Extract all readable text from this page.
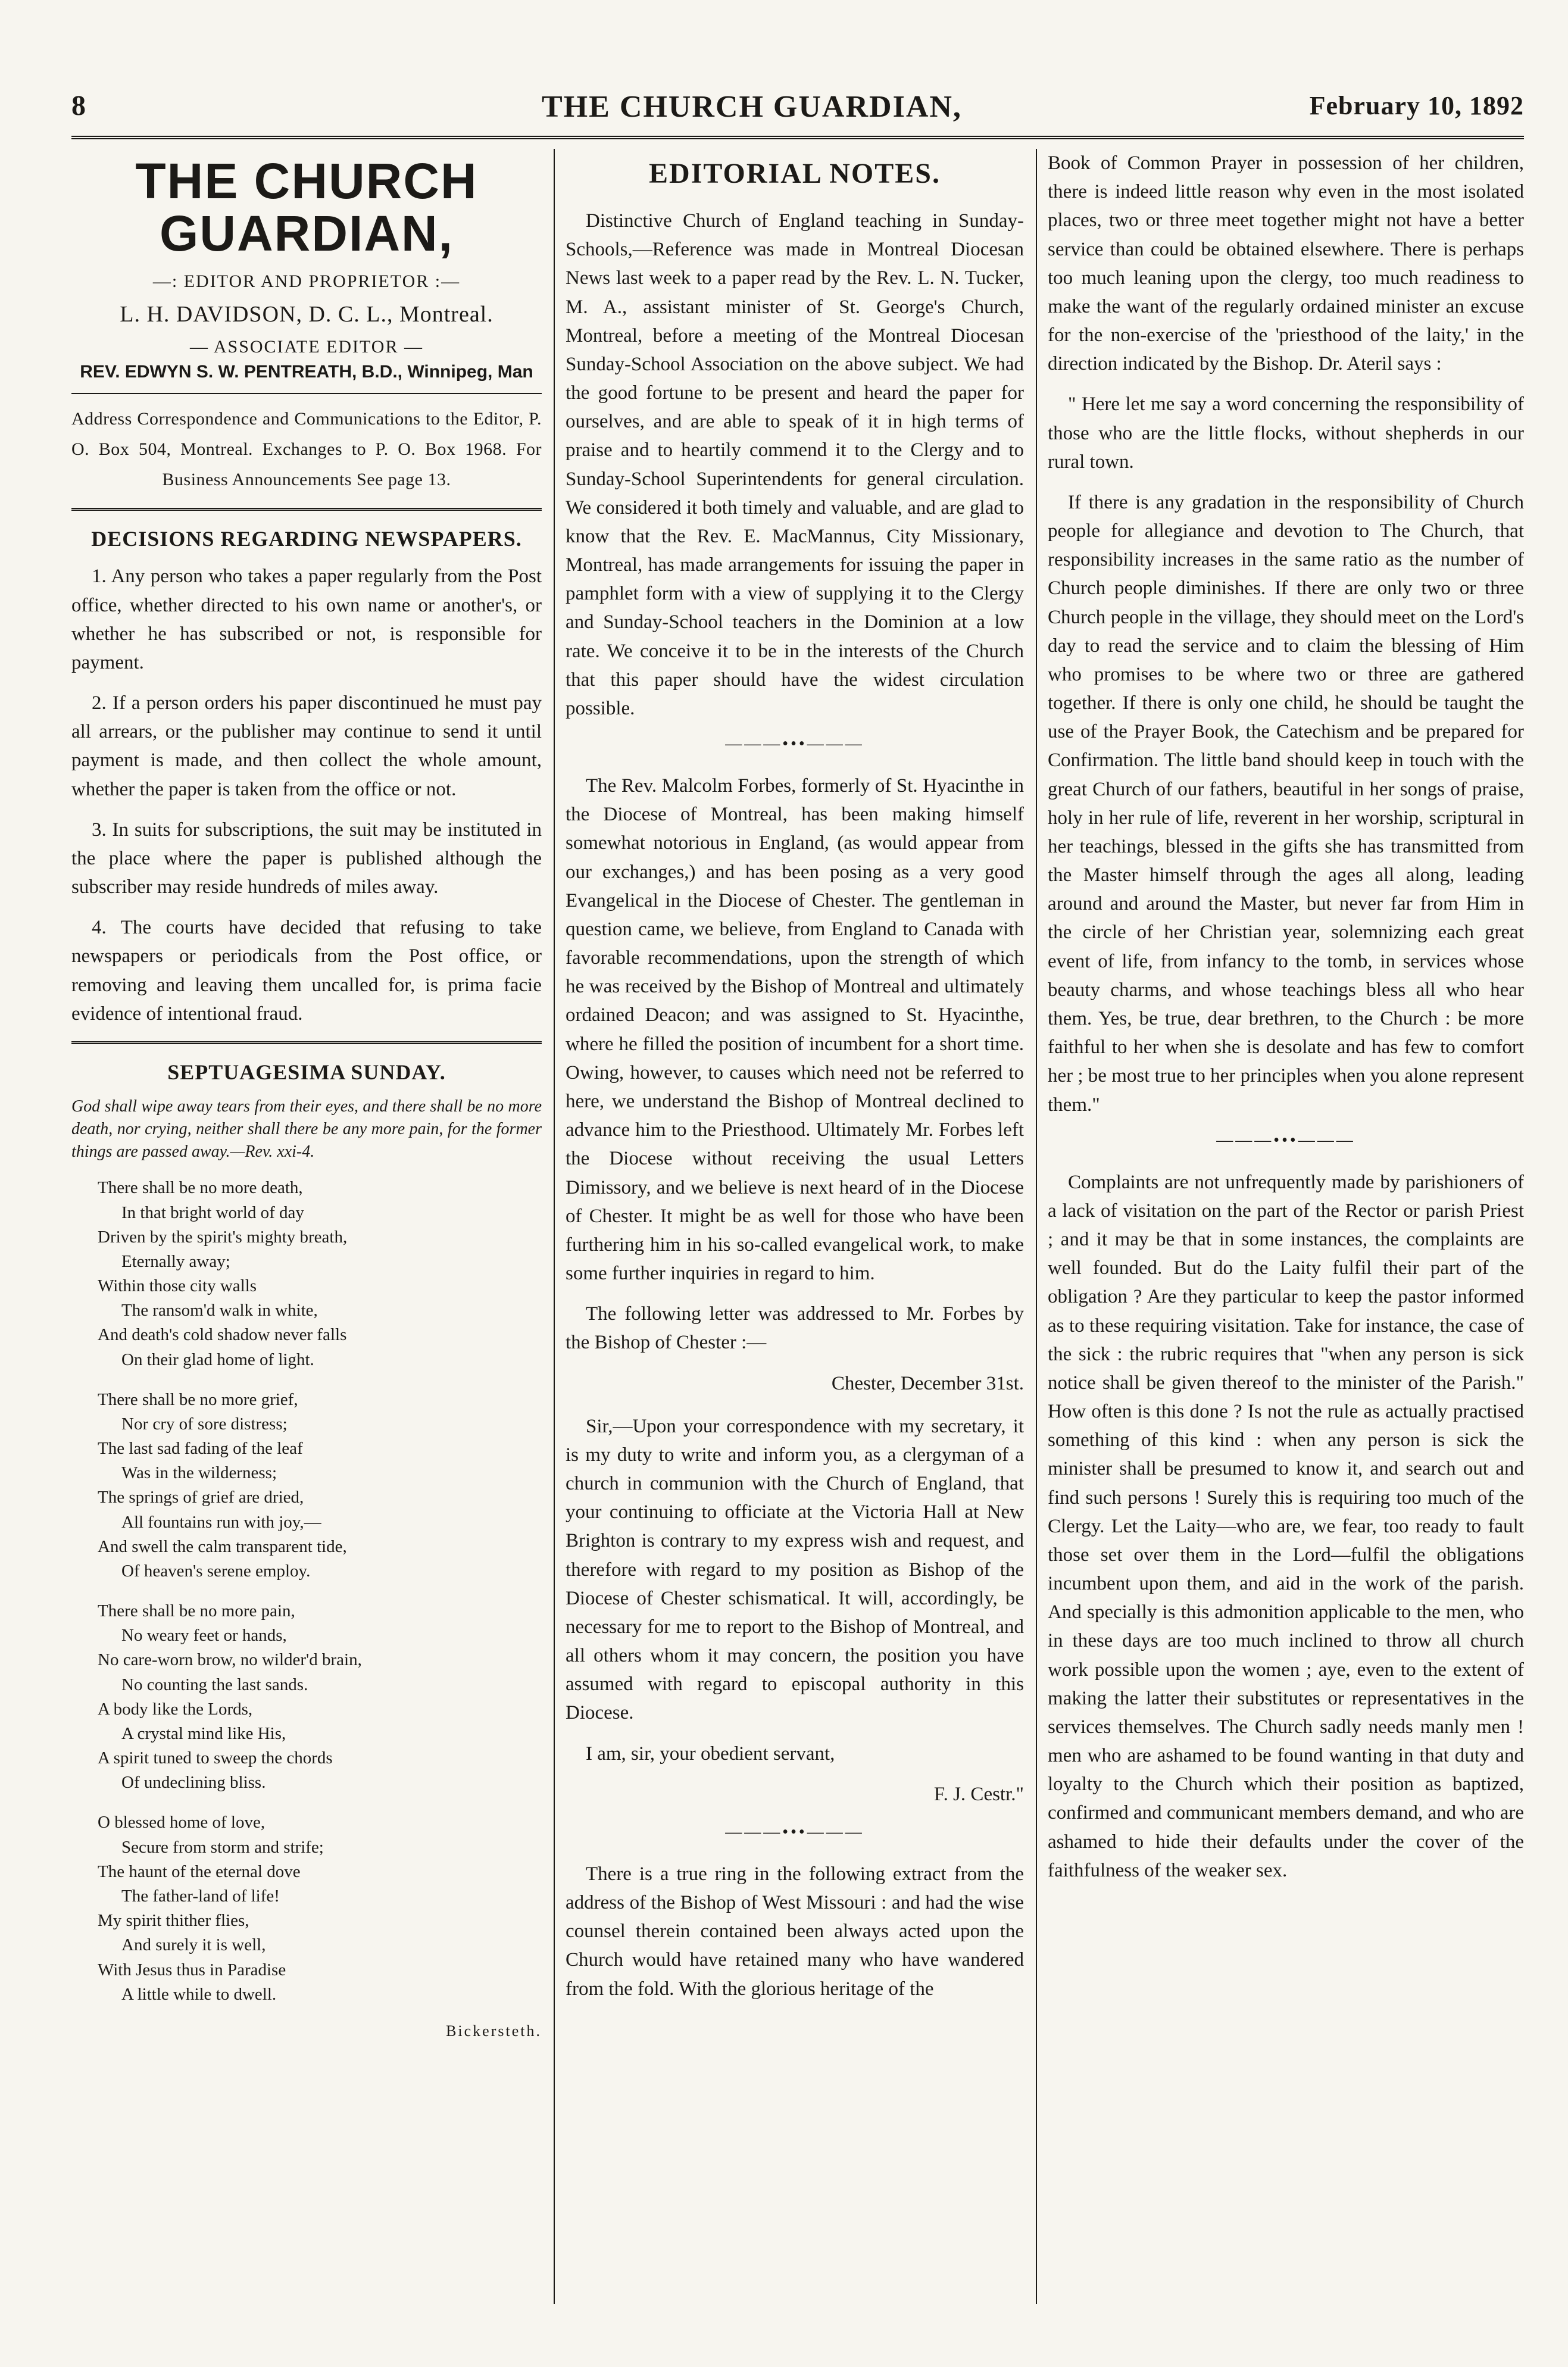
8	THE CHURCH GUARDIAN,	February 10, 1892
THE CHURCH GUARDIAN,
—: EDITOR AND PROPRIETOR :—
L. H. DAVIDSON, D. C. L., Montreal.
— ASSOCIATE EDITOR —
REV. EDWYN S. W. PENTREATH, B.D., Winnipeg, Man
Address Correspondence and Communications to the Editor, P. O. Box 504, Montreal. Exchanges to P. O. Box 1968. For Business Announcements See page 13.
DECISIONS REGARDING NEWSPAPERS.

1. Any person who takes a paper regularly from the Post office, whether directed to his own name or another's, or whether he has subscribed or not, is responsible for payment.

2. If a person orders his paper discontinued he must pay all arrears, or the publisher may continue to send it until payment is made, and then collect the whole amount, whether the paper is taken from the office or not.

3. In suits for subscriptions, the suit may be instituted in the place where the paper is published although the subscriber may reside hundreds of miles away.

4. The courts have decided that refusing to take newspapers or periodicals from the Post office, or removing and leaving them uncalled for, is prima facie evidence of intentional fraud.

SEPTUAGESIMA SUNDAY.
God shall wipe away tears from their eyes, and there shall be no more death, nor crying, neither shall there be any more pain, for the former things are passed away.—Rev. xxi-4.
There shall be no more death,
In that bright world of day
Driven by the spirit's mighty breath,
Eternally away;
Within those city walls
The ransom'd walk in white,
And death's cold shadow never falls
On their glad home of light.
There shall be no more grief,
Nor cry of sore distress;
The last sad fading of the leaf
Was in the wilderness;
The springs of grief are dried,
All fountains run with joy,—
And swell the calm transparent tide,
Of heaven's serene employ.
There shall be no more pain,
No weary feet or hands,
No care-worn brow, no wilder'd brain,
No counting the last sands.
A body like the Lords,
A crystal mind like His,
A spirit tuned to sweep the chords
Of undeclining bliss.
O blessed home of love,
Secure from storm and strife;
The haunt of the eternal dove
The father-land of life!
My spirit thither flies,
And surely it is well,
With Jesus thus in Paradise
A little while to dwell.
Bickersteth.
EDITORIAL NOTES.

Distinctive Church of England teaching in Sunday-Schools,—Reference was made in Montreal Diocesan News last week to a paper read by the Rev. L. N. Tucker, M. A., assistant minister of St. George's Church, Montreal, before a meeting of the Montreal Diocesan Sunday-School Association on the above subject. We had the good fortune to be present and heard the paper for ourselves, and are able to speak of it in high terms of praise and to heartily commend it to the Clergy and to Sunday-School Superintendents for general circulation. We considered it both timely and valuable, and are glad to know that the Rev. E. MacMannus, City Missionary, Montreal, has made arrangements for issuing the paper in pamphlet form with a view of supplying it to the Clergy and Sunday-School teachers in the Dominion at a low rate. We conceive it to be in the interests of the Church that this paper should have the widest circulation possible.

———•••———

The Rev. Malcolm Forbes, formerly of St. Hyacinthe in the Diocese of Montreal, has been making himself somewhat notorious in England, (as would appear from our exchanges,) and has been posing as a very good Evangelical in the Diocese of Chester. The gentleman in question came, we believe, from England to Canada with favorable recommendations, upon the strength of which he was received by the Bishop of Montreal and ultimately ordained Deacon; and was assigned to St. Hyacinthe, where he filled the position of incumbent for a short time. Owing, however, to causes which need not be referred to here, we understand the Bishop of Montreal declined to advance him to the Priesthood. Ultimately Mr. Forbes left the Diocese without receiving the usual Letters Dimissory, and we believe is next heard of in the Diocese of Chester. It might be as well for those who have been furthering him in his so-called evangelical work, to make some further inquiries in regard to him.

The following letter was addressed to Mr. Forbes by the Bishop of Chester :—

Chester, December 31st.

Sir,—Upon your correspondence with my secretary, it is my duty to write and inform you, as a clergyman of a church in communion with the Church of England, that your continuing to officiate at the Victoria Hall at New Brighton is contrary to my express wish and request, and therefore with regard to my position as Bishop of the Diocese of Chester schismatical. It will, accordingly, be necessary for me to report to the Bishop of Montreal, and all others whom it may concern, the position you have assumed with regard to episcopal authority in this Diocese.

I am, sir, your obedient servant,

F. J. Cestr."
———•••———

There is a true ring in the following extract from the address of the Bishop of West Missouri : and had the wise counsel therein contained been always acted upon the Church would have retained many who have wandered from the fold. With the glorious heritage of the

Book of Common Prayer in possession of her children, there is indeed little reason why even in the most isolated places, two or three meet together might not have a better service than could be obtained elsewhere. There is perhaps too much leaning upon the clergy, too much readiness to make the want of the regularly ordained minister an excuse for the non-exercise of the 'priesthood of the laity,' in the direction indicated by the Bishop. Dr. Ateril says :

" Here let me say a word concerning the responsibility of those who are the little flocks, without shepherds in our rural town.

If there is any gradation in the responsibility of Church people for allegiance and devotion to The Church, that responsibility increases in the same ratio as the number of Church people diminishes. If there are only two or three Church people in the village, they should meet on the Lord's day to read the service and to claim the blessing of Him who promises to be where two or three are gathered together. If there is only one child, he should be taught the use of the Prayer Book, the Catechism and be prepared for Confirmation. The little band should keep in touch with the great Church of our fathers, beautiful in her songs of praise, holy in her rule of life, reverent in her worship, scriptural in her teachings, blessed in the gifts she has transmitted from the Master himself through the ages all along, leading around and around the Master, but never far from Him in the circle of her Christian year, solemnizing each great event of life, from infancy to the tomb, in services whose beauty charms, and whose teachings bless all who hear them. Yes, be true, dear brethren, to the Church : be more faithful to her when she is desolate and has few to comfort her ; be most true to her principles when you alone represent them."

———•••———

Complaints are not unfrequently made by parishioners of a lack of visitation on the part of the Rector or parish Priest ; and it may be that in some instances, the complaints are well founded. But do the Laity fulfil their part of the obligation ? Are they particular to keep the pastor informed as to these requiring visitation. Take for instance, the case of the sick : the rubric requires that "when any person is sick notice shall be given thereof to the minister of the Parish." How often is this done ? Is not the rule as actually practised something of this kind : when any person is sick the minister shall be presumed to know it, and search out and find such persons ! Surely this is requiring too much of the Clergy. Let the Laity—who are, we fear, too ready to fault those set over them in the Lord—fulfil the obligations incumbent upon them, and aid in the work of the parish. And specially is this admonition applicable to the men, who in these days are too much inclined to throw all church work possible upon the women ; aye, even to the extent of making the latter their substitutes or representatives in the services themselves. The Church sadly needs manly men ! men who are ashamed to be found wanting in that duty and loyalty to the Church which their position as baptized, confirmed and communicant members demand, and who are ashamed to hide their defaults under the cover of the faithfulness of the weaker sex.
